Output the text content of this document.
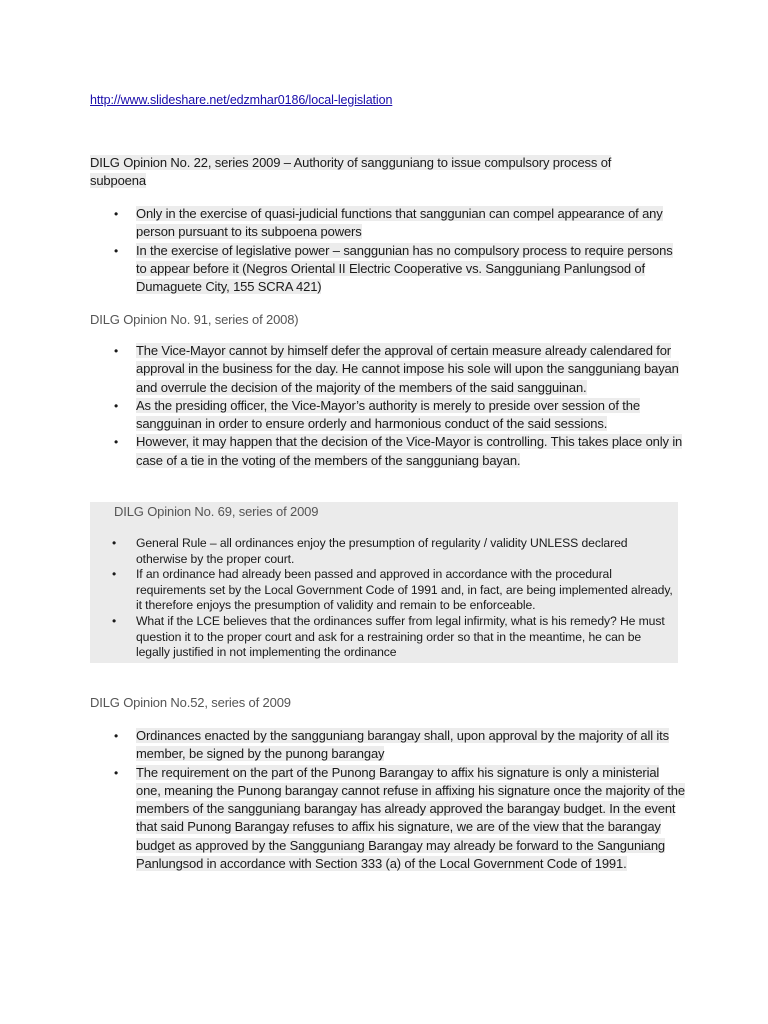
http://www.slideshare.net/edzmhar0186/local-legislation
DILG Opinion No. 22, series 2009 – Authority of sangguniang to issue compulsory process of subpoena
• Only in the exercise of quasi-judicial functions that sanggunian can compel appearance of any person pursuant to its subpoena powers
• In the exercise of legislative power – sanggunian has no compulsory process to require persons to appear before it (Negros Oriental II Electric Cooperative vs. Sangguniang Panlungsod of Dumaguete City, 155 SCRA 421)
DILG Opinion No. 91, series of 2008)
• The Vice-Mayor cannot by himself defer the approval of certain measure already calendared for approval in the business for the day. He cannot impose his sole will upon the sangguniang bayan and overrule the decision of the majority of the members of the said sangguinan.
• As the presiding officer, the Vice-Mayor’s authority is merely to preside over session of the sangguinan in order to ensure orderly and harmonious conduct of the said sessions.
• However, it may happen that the decision of the Vice-Mayor is controlling. This takes place only in case of a tie in the voting of the members of the sangguniang bayan.
DILG Opinion No. 69, series of 2009
• General Rule – all ordinances enjoy the presumption of regularity / validity UNLESS declared otherwise by the proper court.
• If an ordinance had already been passed and approved in accordance with the procedural requirements set by the Local Government Code of 1991 and, in fact, are being implemented already, it therefore enjoys the presumption of validity and remain to be enforceable.
• What if the LCE believes that the ordinances suffer from legal infirmity, what is his remedy? He must question it to the proper court and ask for a restraining order so that in the meantime, he can be legally justified in not implementing the ordinance
DILG Opinion No.52, series of 2009
• Ordinances enacted by the sangguniang barangay shall, upon approval by the majority of all its member, be signed by the punong barangay
• The requirement on the part of the Punong Barangay to affix his signature is only a ministerial one, meaning the Punong barangay cannot refuse in affixing his signature once the majority of the members of the sangguniang barangay has already approved the barangay budget. In the event that said Punong Barangay refuses to affix his signature, we are of the view that the barangay budget as approved by the Sangguniang Barangay may already be forward to the Sanguniang Panlungsod in accordance with Section 333 (a) of the Local Government Code of 1991.
